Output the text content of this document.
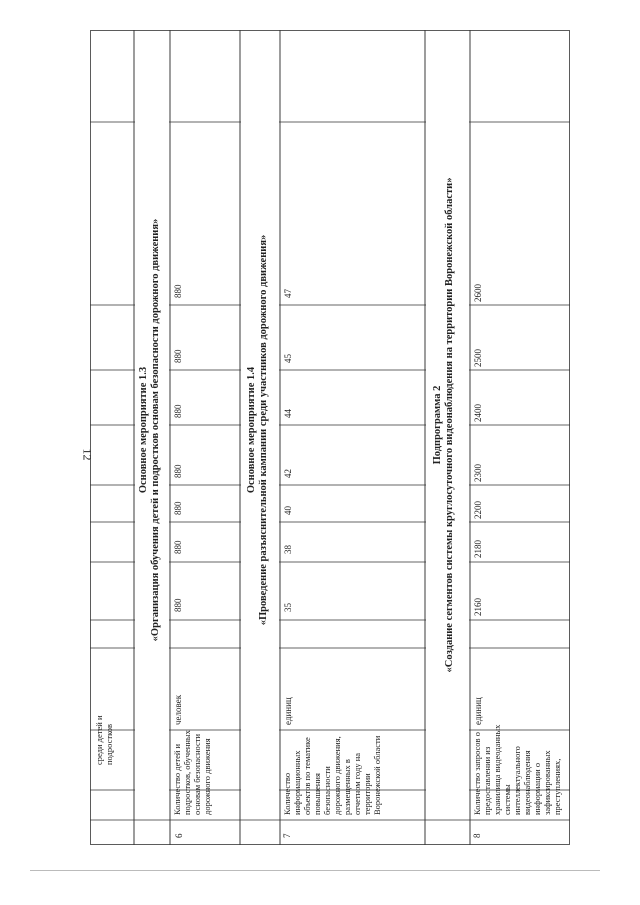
12
среди детей и подростков
Основное мероприятие 1.3 «Организация обучения детей и подростков основам безопасности дорожного движения»	Основное мероприятие 1.4 «Проведение разъяснительной кампании среди участников дорожного движения»	Подпрограмма 2 «Создание сегментов системы круглосуточного видеонаблюдения на территории Воронежской области»
6
Количество детей и подростков, обученных основам безопасности дорожного движения
человек
880
880
880
880
880
880
880
7
Количество информационных объектов по тематике повышения безопасности дорожного движения, размещенных в отчетном году на территории Воронежской области
единиц
35
38
40
42
44
45
47
8
Количество запросов о предоставлении из хранилища видеоданных системы интеллектуального видеонаблюдения информации о зафиксированных преступлениях,
единиц
2160
2180
2200
2300
2400
2500
2600
